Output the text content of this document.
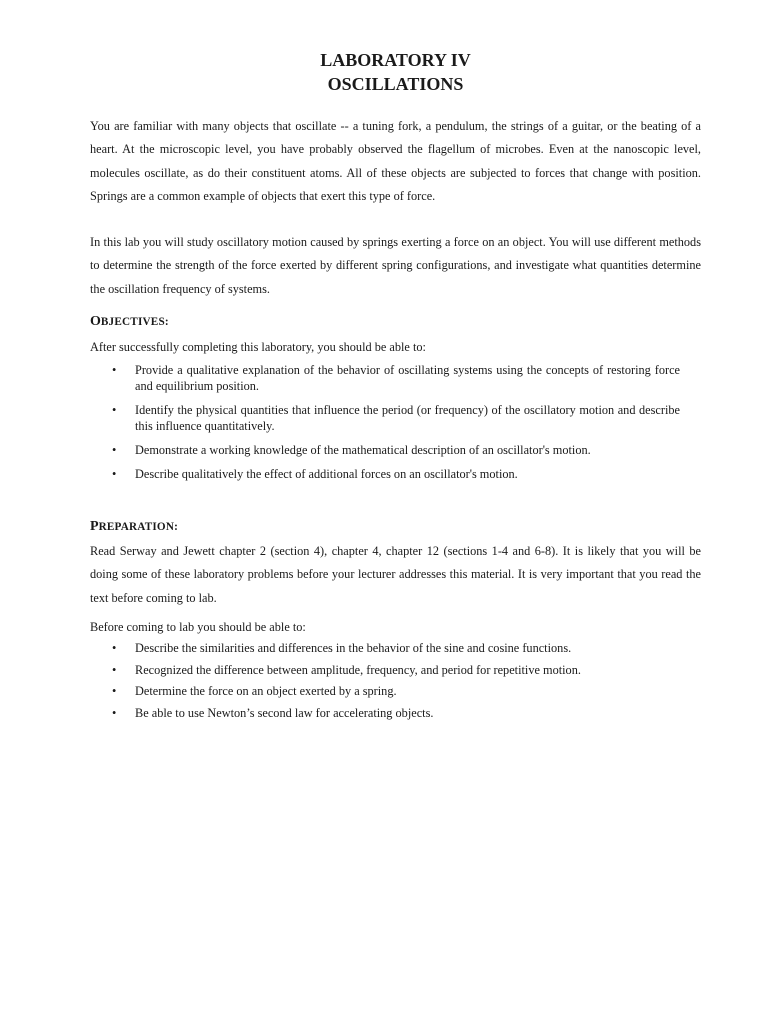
LABORATORY IV
OSCILLATIONS

You are familiar with many objects that oscillate -- a tuning fork, a pendulum, the strings of a guitar, or the beating of a heart. At the microscopic level, you have probably observed the flagellum of microbes. Even at the nanoscopic level, molecules oscillate, as do their constituent atoms. All of these objects are subjected to forces that change with position. Springs are a common example of objects that exert this type of force.

In this lab you will study oscillatory motion caused by springs exerting a force on an object. You will use different methods to determine the strength of the force exerted by different spring configurations, and investigate what quantities determine the oscillation frequency of systems.

OBJECTIVES:

After successfully completing this laboratory, you should be able to:

• Provide a qualitative explanation of the behavior of oscillating systems using the concepts of restoring force and equilibrium position.
• Identify the physical quantities that influence the period (or frequency) of the oscillatory motion and describe this influence quantitatively.
• Demonstrate a working knowledge of the mathematical description of an oscillator's motion.
• Describe qualitatively the effect of additional forces on an oscillator's motion.
PREPARATION:

Read Serway and Jewett chapter 2 (section 4), chapter 4, chapter 12 (sections 1-4 and 6-8). It is likely that you will be doing some of these laboratory problems before your lecturer addresses this material. It is very important that you read the text before coming to lab.

Before coming to lab you should be able to:

• Describe the similarities and differences in the behavior of the sine and cosine functions.
• Recognized the difference between amplitude, frequency, and period for repetitive motion.
• Determine the force on an object exerted by a spring.
• Be able to use Newton’s second law for accelerating objects.
